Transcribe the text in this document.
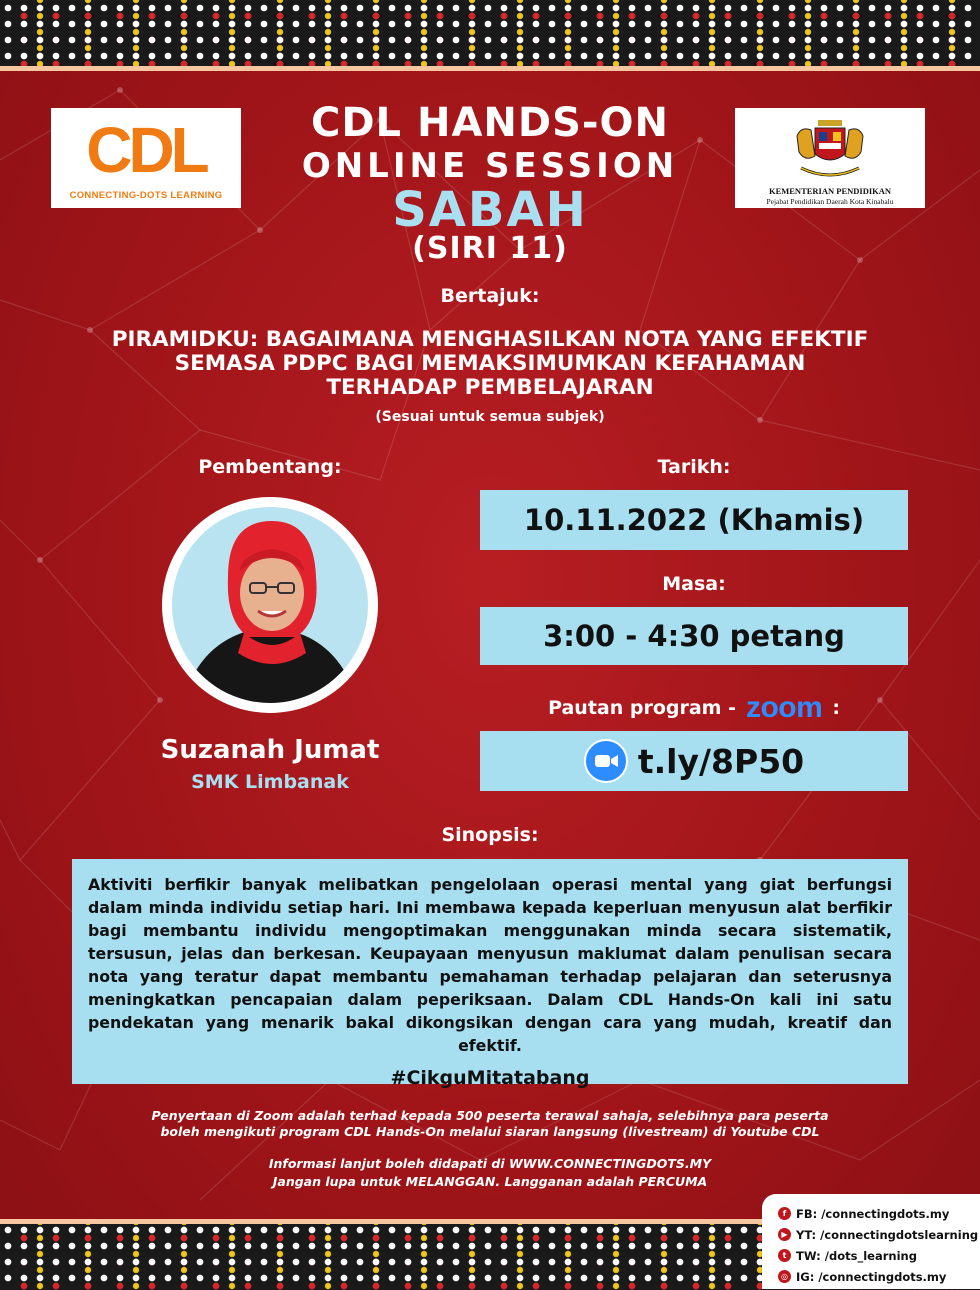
CDL
CONNECTING-DOTS LEARNING	KEMENTERIAN PENDIDIKAN
Pejabat Pendidikan Daerah Kota Kinabalu
CDL HANDS-ON
ONLINE SESSION
SABAH
(SIRI 11)
Bertajuk:
PIRAMIDKU: BAGAIMANA MENGHASILKAN NOTA YANG EFEKTIF
SEMASA PDPC BAGI MEMAKSIMUMKAN KEFAHAMAN
TERHADAP PEMBELAJARAN
(Sesuai untuk semua subjek)
Pembentang:
Suzanah Jumat
SMK Limbanak
Tarikh:
10.11.2022 (Khamis)
Masa:
3:00 - 4:30 petang
Pautan program - zoom :
t.ly/8P50
Sinopsis:
Aktiviti berfikir banyak melibatkan pengelolaan operasi mental yang giat berfungsi dalam minda individu setiap hari. Ini membawa kepada keperluan menyusun alat berfikir bagi membantu individu mengoptimakan menggunakan minda secara sistematik, tersusun, jelas dan berkesan. Keupayaan menyusun maklumat dalam penulisan secara nota yang teratur dapat membantu pemahaman terhadap pelajaran dan seterusnya meningkatkan pencapaian dalam peperiksaan. Dalam CDL Hands-On kali ini satu pendekatan yang menarik bakal dikongsikan dengan cara yang mudah, kreatif dan efektif.
#CikguMitatabang
Penyertaan di Zoom adalah terhad kepada 500 peserta terawal sahaja, selebihnya para peserta
boleh mengikuti program CDL Hands-On melalui siaran langsung (livestream) di Youtube CDL
Informasi lanjut boleh didapati di WWW.CONNECTINGDOTS.MY
Jangan lupa untuk MELANGGAN. Langganan adalah PERCUMA
f FB: /connectingdots.my
▶ YT: /connectingdotslearning
t TW: /dots_learning
◎ IG: /connectingdots.my
